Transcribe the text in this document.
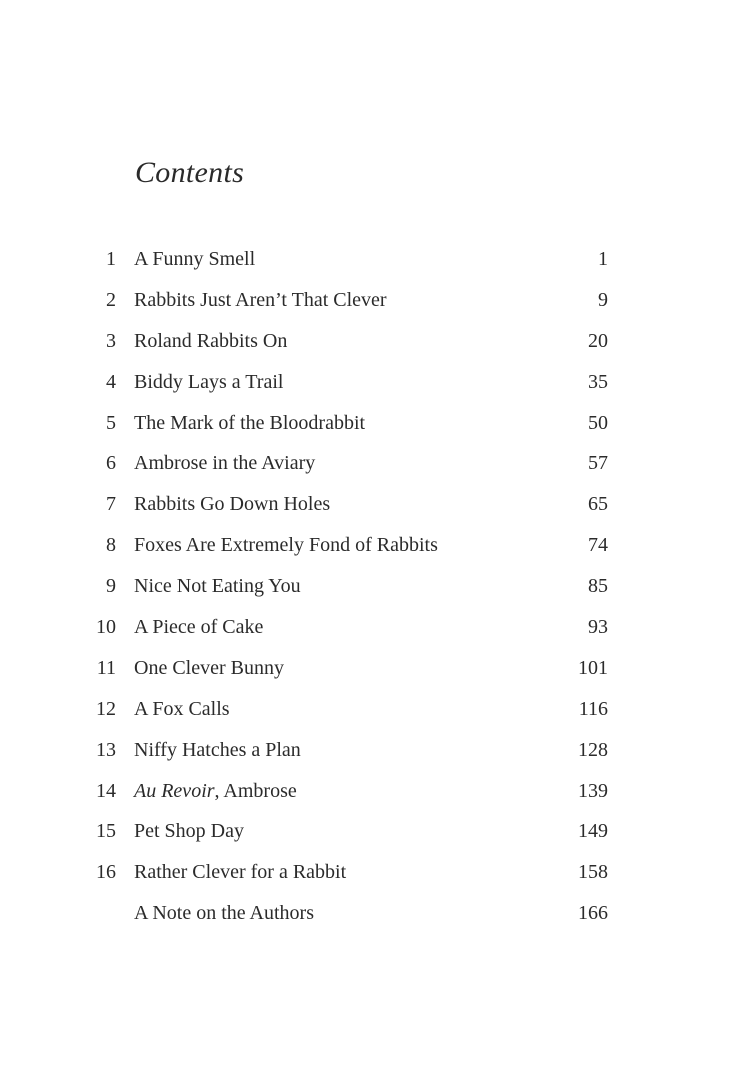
Contents
1 A Funny Smell	1
2 Rabbits Just Aren’t That Clever	9
3 Roland Rabbits On	20
4 Biddy Lays a Trail	35
5 The Mark of the Bloodrabbit	50
6 Ambrose in the Aviary	57
7 Rabbits Go Down Holes	65
8 Foxes Are Extremely Fond of Rabbits	74
9 Nice Not Eating You	85
10 A Piece of Cake	93
11 One Clever Bunny	101
12 A Fox Calls	116
13 Niffy Hatches a Plan	128
14 Au Revoir, Ambrose	139
15 Pet Shop Day	149
16 Rather Clever for a Rabbit	158
A Note on the Authors	166
